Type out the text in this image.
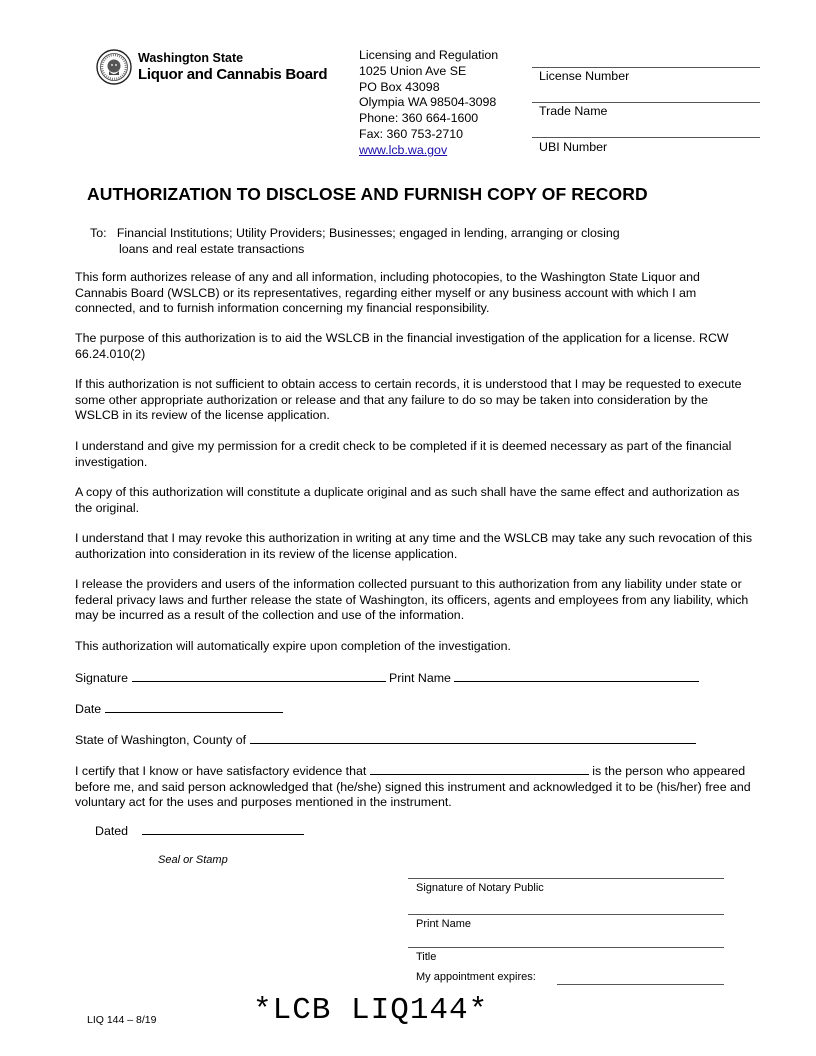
Washington State
Liquor and Cannabis Board
Licensing and Regulation
1025 Union Ave SE
PO Box 43098
Olympia WA 98504-3098
Phone: 360 664-1600
Fax: 360 753-2710
www.lcb.wa.gov
License Number
Trade Name
UBI Number
AUTHORIZATION TO DISCLOSE AND FURNISH COPY OF RECORD
To:   Financial Institutions; Utility Providers; Businesses; engaged in lending, arranging or closing
loans and real estate transactions
This form authorizes release of any and all information, including photocopies, to the Washington State Liquor and Cannabis Board (WSLCB) or its representatives, regarding either myself or any business account with which I am connected, and to furnish information concerning my financial responsibility.
The purpose of this authorization is to aid the WSLCB in the financial investigation of the application for a license. RCW 66.24.010(2)
If this authorization is not sufficient to obtain access to certain records, it is understood that I may be requested to execute some other appropriate authorization or release and that any failure to do so may be taken into consideration by the WSLCB in its review of the license application.
I understand and give my permission for a credit check to be completed if it is deemed necessary as part of the financial investigation.
A copy of this authorization will constitute a duplicate original and as such shall have the same effect and authorization as the original.
I understand that I may revoke this authorization in writing at any time and the WSLCB may take any such revocation of this authorization into consideration in its review of the license application.
I release the providers and users of the information collected pursuant to this authorization from any liability under state or federal privacy laws and further release the state of Washington, its officers, agents and employees from any liability, which may be incurred as a result of the collection and use of the information.
This authorization will automatically expire upon completion of the investigation.
Signature	Print Name
Date
State of Washington, County of
I certify that I know or have satisfactory evidence that	is the person who appeared before me, and said person acknowledged that (he/she) signed this instrument and acknowledged it to be (his/her) free and voluntary act for the uses and purposes mentioned in the instrument.
Dated
Seal or Stamp
Signature of Notary Public
Print Name
Title
My appointment expires:
LIQ 144 – 8/19	*LCB LIQ144*
